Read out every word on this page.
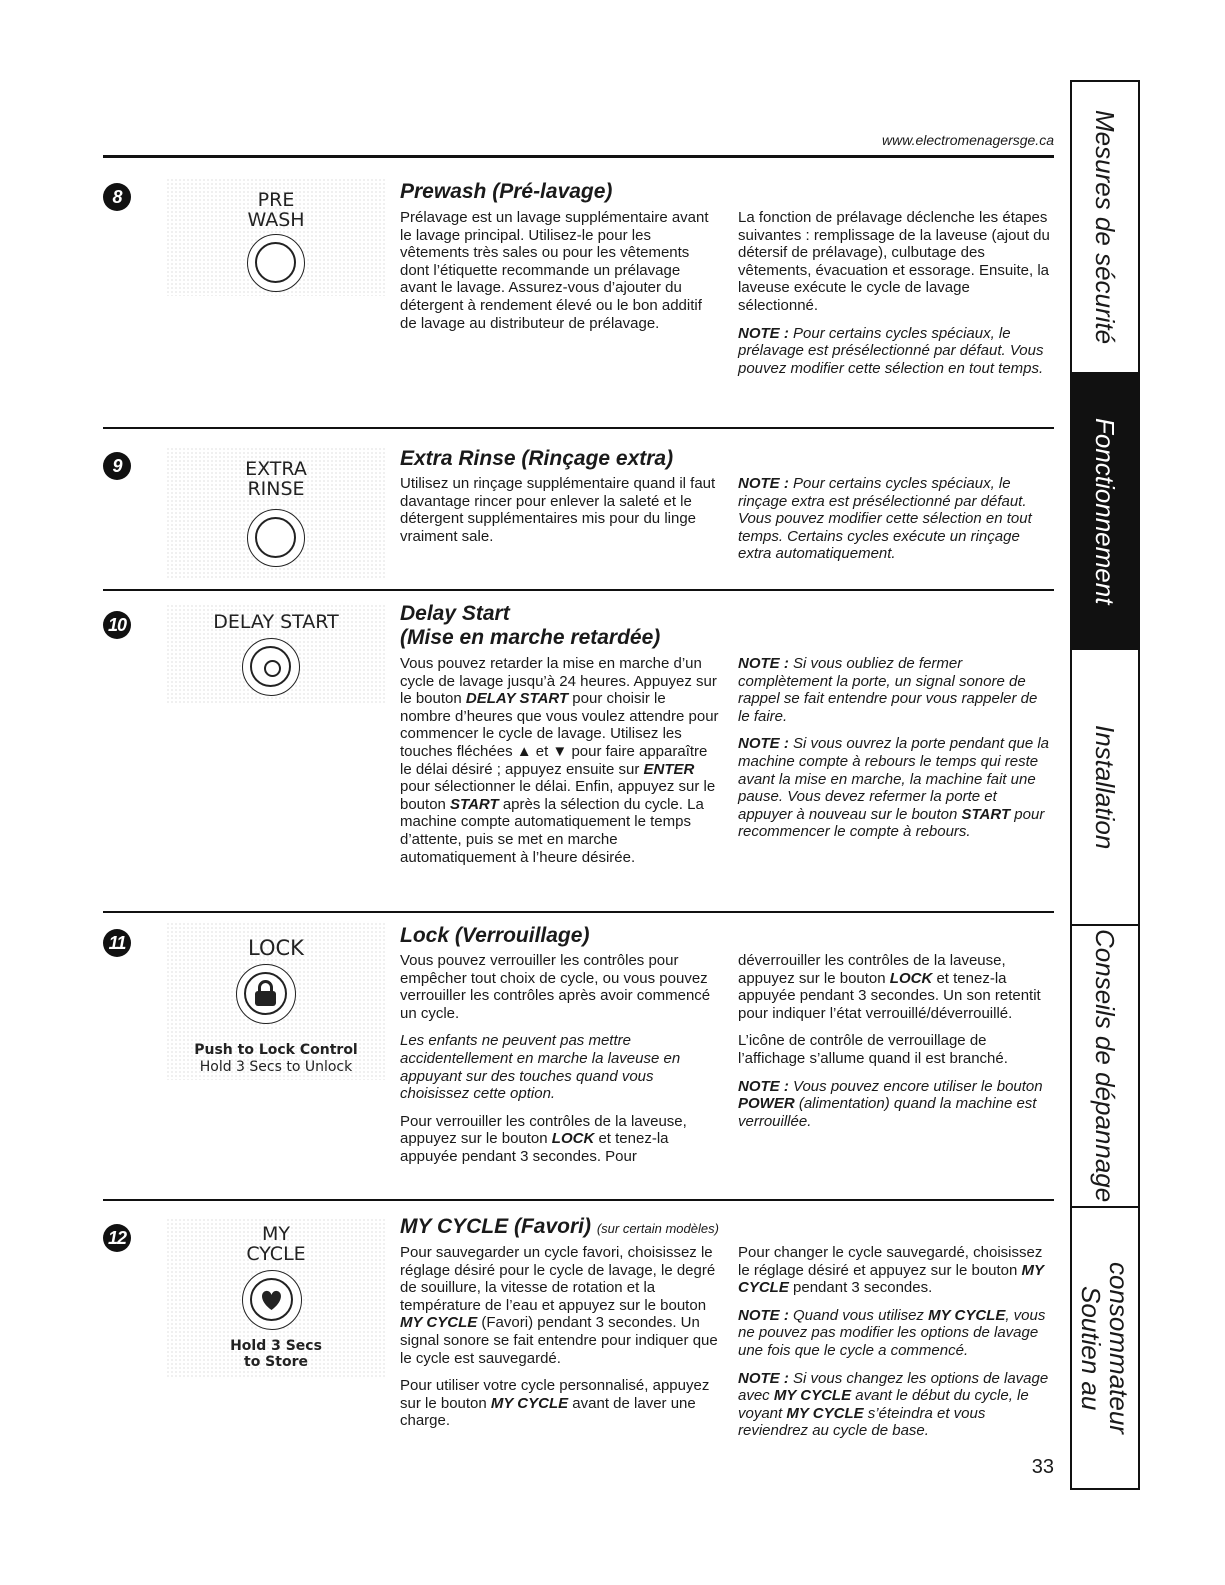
www.electromenagersge.ca
8	PRE
WASH
Prewash (Pré-lavage)

Prélavage est un lavage supplémentaire avant le lavage principal. Utilisez-le pour les vêtements très sales ou pour les vêtements dont l’étiquette recommande un prélavage avant le lavage. Assurez-vous d’ajouter du détergent à rendement élevé ou le bon additif de lavage au distributeur de prélavage.

La fonction de prélavage déclenche les étapes suivantes : remplissage de la laveuse (ajout du détersif de prélavage), culbutage des vêtements, évacuation et essorage. Ensuite, la laveuse exécute le cycle de lavage sélectionné.

NOTE : Pour certains cycles spéciaux, le prélavage est présélectionné par défaut. Vous pouvez modifier cette sélection en tout temps.

9	EXTRA
RINSE
Extra Rinse (Rinçage extra)

Utilisez un rinçage supplémentaire quand il faut davantage rincer pour enlever la saleté et le détergent supplémentaires mis pour du linge vraiment sale.

NOTE : Pour certains cycles spéciaux, le rinçage extra est présélectionné par défaut. Vous pouvez modifier cette sélection en tout temps. Certains cycles exécute un rinçage extra automatiquement.

10	DELAY START	Delay Start
(Mise en marche retardée)

Vous pouvez retarder la mise en marche d’un cycle de lavage jusqu’à 24 heures. Appuyez sur le bouton DELAY START pour choisir le nombre d’heures que vous voulez attendre pour commencer le cycle de lavage. Utilisez les touches fléchées ▲ et ▼ pour faire apparaître le délai désiré ; appuyez ensuite sur ENTER pour sélectionner le délai. Enfin, appuyez sur le bouton START après la sélection du cycle. La machine compte automatiquement le temps d’attente, puis se met en marche automatiquement à l’heure désirée.

NOTE : Si vous oubliez de fermer complètement la porte, un signal sonore de rappel se fait entendre pour vous rappeler de le faire.

NOTE : Si vous ouvrez la porte pendant que la machine compte à rebours le temps qui reste avant la mise en marche, la machine fait une pause. Vous devez refermer la porte et appuyer à nouveau sur le bouton START pour recommencer le compte à rebours.

11	LOCK
Push to Lock Control
Hold 3 Secs to Unlock
Lock (Verrouillage)

Vous pouvez verrouiller les contrôles pour empêcher tout choix de cycle, ou vous pouvez verrouiller les contrôles après avoir commencé un cycle.

Les enfants ne peuvent pas mettre accidentellement en marche la laveuse en appuyant sur des touches quand vous choisissez cette option.

Pour verrouiller les contrôles de la laveuse, appuyez sur le bouton LOCK et tenez-la appuyée pendant 3 secondes. Pour

déverrouiller les contrôles de la laveuse, appuyez sur le bouton LOCK et tenez-la appuyée pendant 3 secondes. Un son retentit pour indiquer l’état verrouillé/déverrouillé.

L’icône de contrôle de verrouillage de l’affichage s’allume quand il est branché.

NOTE : Vous pouvez encore utiliser le bouton POWER (alimentation) quand la machine est verrouillée.

12	MY
CYCLE
Hold 3 Secs
to Store
MY CYCLE (Favori) (sur certain modèles)

Pour sauvegarder un cycle favori, choisissez le réglage désiré pour le cycle de lavage, le degré de souillure, la vitesse de rotation et la température de l’eau et appuyez sur le bouton MY CYCLE (Favori) pendant 3 secondes. Un signal sonore se fait entendre pour indiquer que le cycle est sauvegardé.

Pour utiliser votre cycle personnalisé, appuyez sur le bouton MY CYCLE avant de laver une charge.

Pour changer le cycle sauvegardé, choisissez le réglage désiré et appuyez sur le bouton MY CYCLE pendant 3 secondes.

NOTE : Quand vous utilisez MY CYCLE, vous ne pouvez pas modifier les options de lavage une fois que le cycle a commencé.

NOTE : Si vous changez les options de lavage avec MY CYCLE avant le début du cycle, le voyant MY CYCLE s’éteindra et vous reviendrez au cycle de base.

33
Mesures de sécurité
Fonctionnement
Installation
Conseils de dépannage
Soutien au
consommateur
